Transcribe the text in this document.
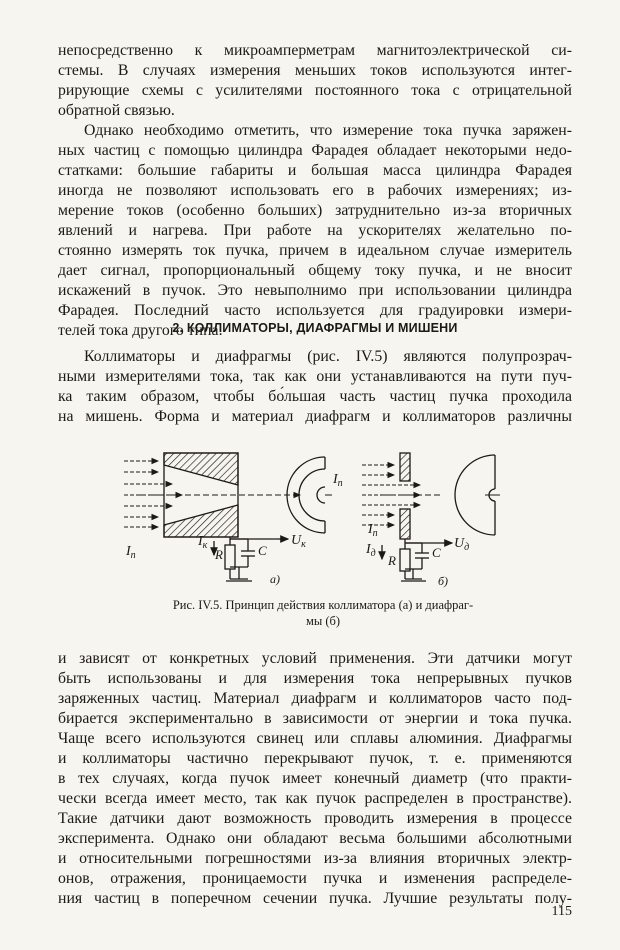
непосредственно к микроамперметрам магнитоэлектрической си-
стемы. В случаях измерения меньших токов используются интег-
рирующие схемы с усилителями постоянного тока с отрицательной
обратной связью.
Однако необходимо отметить, что измерение тока пучка заряжен-
ных частиц с помощью цилиндра Фарадея обладает некоторыми недо-
статками: большие габариты и большая масса цилиндра Фарадея
иногда не позволяют использовать его в рабочих измерениях; из-
мерение токов (особенно больших) затруднительно из-за вторичных
явлений и нагрева. При работе на ускорителях желательно по-
стоянно измерять ток пучка, причем в идеальном случае измеритель
дает сигнал, пропорциональный общему току пучка, и не вносит
искажений в пучок. Это невыполнимо при использовании цилиндра
Фарадея. Последний часто используется для градуировки измери-
телей тока другого типа.
2. КОЛЛИМАТОРЫ, ДИАФРАГМЫ И МИШЕНИ
Коллиматоры и диафрагмы (рис. IV.5) являются полупрозрач-
ными измерителями тока, так как они устанавливаются на пути пуч-
ка таким образом, чтобы бо́льшая часть частиц пучка проходила
на мишень. Форма и материал диафрагм и коллиматоров различны
$I_п$
$I_к$
R	C
$U_к$
а)
$I_п$
$I_п$
$I_д$ R
C
$U_д$
б)
Рис. IV.5. Принцип действия коллиматора (а) и диафраг-
мы (б)
и зависят от конкретных условий применения. Эти датчики могут
быть использованы и для измерения тока непрерывных пучков
заряженных частиц. Материал диафрагм и коллиматоров часто под-
бирается экспериментально в зависимости от энергии и тока пучка.
Чаще всего используются свинец или сплавы алюминия. Диафрагмы
и коллиматоры частично перекрывают пучок, т. е. применяются
в тех случаях, когда пучок имеет конечный диаметр (что практи-
чески всегда имеет место, так как пучок распределен в пространстве).
Такие датчики дают возможность проводить измерения в процессе
эксперимента. Однако они обладают весьма большими абсолютными
и относительными погрешностями из-за влияния вторичных электр-
онов, отражения, проницаемости пучка и изменения распределе-
ния частиц в поперечном сечении пучка. Лучшие результаты полу-
115
